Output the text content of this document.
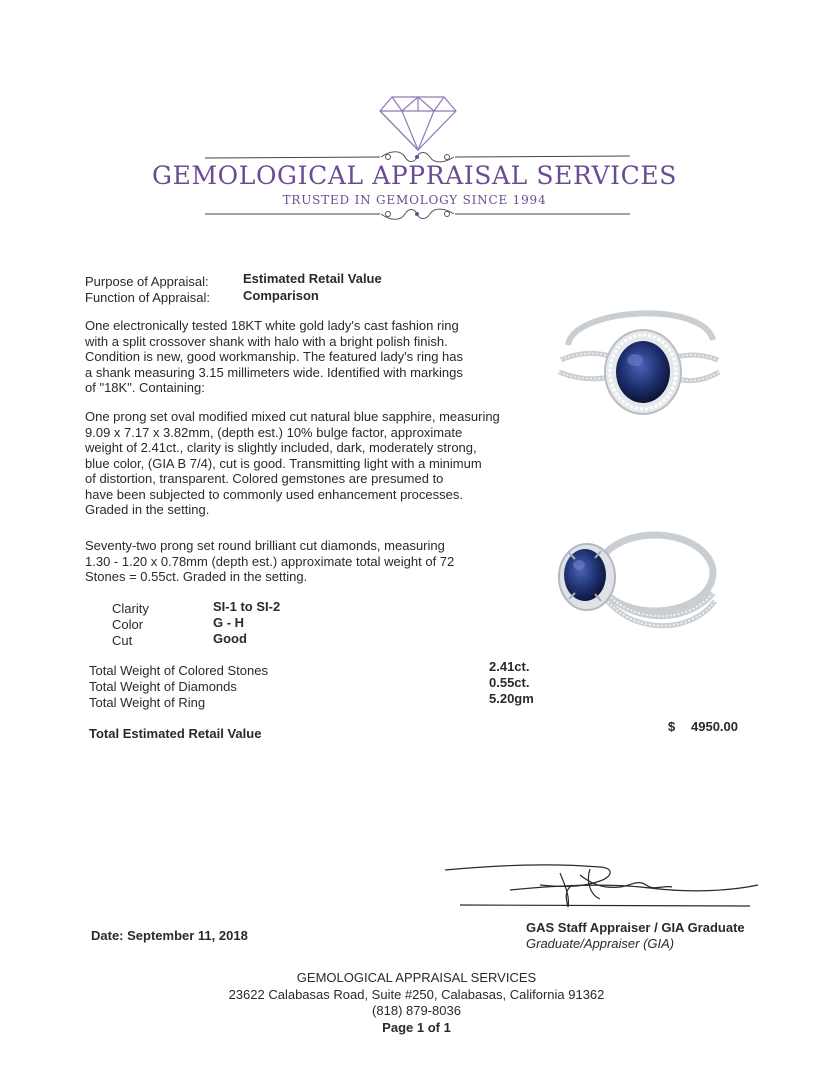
GEMOLOGICAL APPRAISAL SERVICES
TRUSTED IN GEMOLOGY SINCE 1994
Purpose of Appraisal:	Estimated Retail Value
Function of Appraisal:	Comparison
One electronically tested 18KT white gold lady's cast fashion ring
with a split crossover shank with halo with a bright polish finish.
Condition is new, good workmanship. The featured lady's ring has
a shank measuring 3.15 millimeters wide. Identified with markings
of "18K". Containing:
One prong set oval modified mixed cut natural blue sapphire, measuring
9.09 x 7.17 x 3.82mm, (depth est.) 10% bulge factor, approximate
weight of 2.41ct., clarity is slightly included, dark, moderately strong,
blue color, (GIA B 7/4), cut is good. Transmitting light with a minimum
of distortion, transparent. Colored gemstones are presumed to
have been subjected to commonly used enhancement processes.
Graded in the setting.
Seventy-two prong set round brilliant cut diamonds, measuring
1.30 - 1.20 x 0.78mm (depth est.) approximate total weight of 72
Stones = 0.55ct. Graded in the setting.
Clarity	SI-1 to SI-2
Color	G - H
Cut	Good
Total Weight of Colored Stones	2.41ct.
Total Weight of Diamonds	0.55ct.
Total Weight of Ring	5.20gm
Total Estimated Retail Value	$ 4950.00
Date: September 11, 2018
GAS Staff Appraiser / GIA Graduate
Graduate/Appraiser (GIA)
GEMOLOGICAL APPRAISAL SERVICES
23622 Calabasas Road, Suite #250, Calabasas, California 91362
(818) 879-8036
Page 1 of 1
